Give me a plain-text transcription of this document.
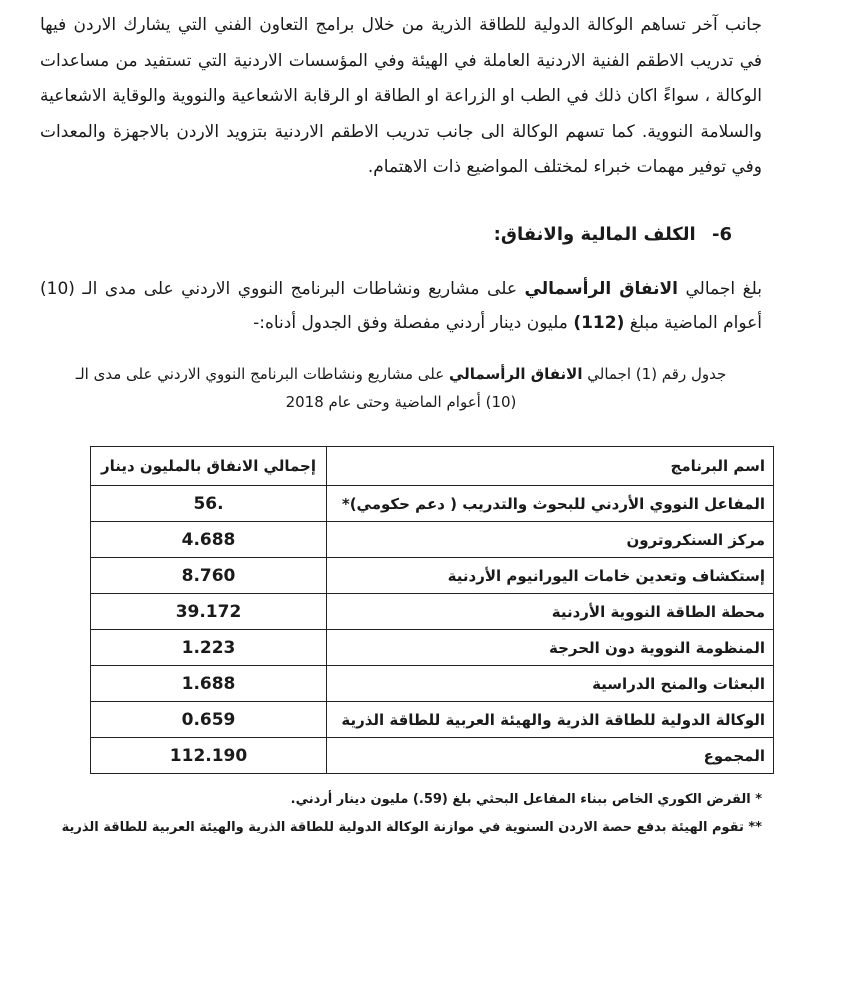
جانب آخر تساهم الوكالة الدولية للطاقة الذرية من خلال برامج التعاون الفني التي يشارك الاردن فيها في تدريب الاطقم الفنية الاردنية العاملة في الهيئة وفي المؤسسات الاردنية التي تستفيد من مساعدات الوكالة ، سواءً اكان ذلك في الطب او الزراعة او الطاقة او الرقابة الاشعاعية والنووية والوقاية الاشعاعية والسلامة النووية. كما تسهم الوكالة الى جانب تدريب الاطقم الاردنية بتزويد الاردن بالاجهزة والمعدات وفي توفير مهمات خبراء لمختلف المواضيع ذات الاهتمام.
6- الكلف المالية والانفاق:
بلغ اجمالي الانفاق الرأسمالي على مشاريع ونشاطات البرنامج النووي الاردني على مدى الـ (10) أعوام الماضية مبلغ (112) مليون دينار أردني مفصلة وفق الجدول أدناه:-
جدول رقم (1) اجمالي الانفاق الرأسمالي على مشاريع ونشاطات البرنامج النووي الاردني على مدى الـ
(10) أعوام الماضية وحتى عام 2018
اسم البرنامج	إجمالي الانفاق بالمليون دينار
المفاعل النووي الأردني للبحوث والتدريب ( دعم حكومي)*	56.
مركز السنكروترون	4.688
إستكشاف وتعدين خامات اليورانيوم الأردنية	8.760
محطة الطاقة النووية الأردنية	39.172
المنظومة النووية دون الحرجة	1.223
البعثات والمنح الدراسية	1.688
الوكالة الدولية للطاقة الذرية والهيئة العربية للطاقة الذرية	0.659
المجموع	112.190

* القرض الكوري الخاص ببناء المفاعل البحثي بلغ (59.) مليون دينار أردني.

** تقوم الهيئة بدفع حصة الاردن السنوية في موازنة الوكالة الدولية للطاقة الذرية والهيئة العربية للطاقة الذرية
